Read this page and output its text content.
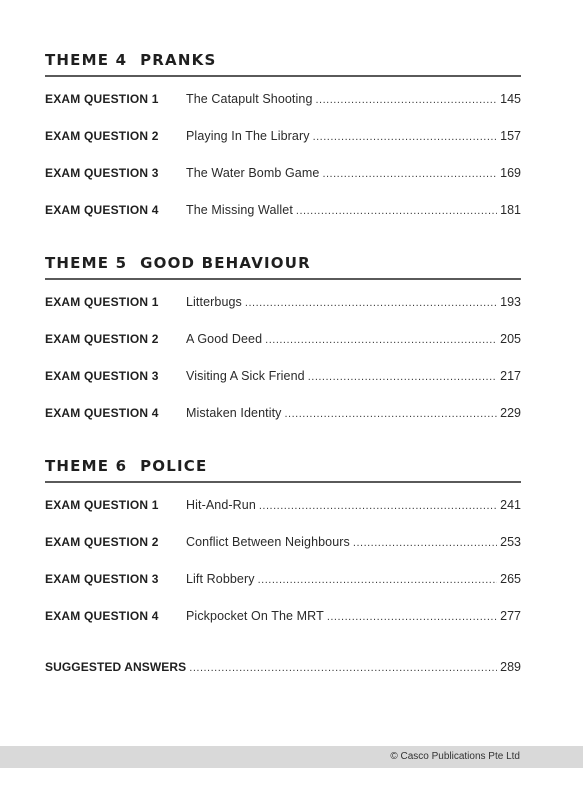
THEME 4  PRANKS
EXAM QUESTION 1	The Catapult Shooting .....	145
EXAM QUESTION 2	Playing In The Library .....	157
EXAM QUESTION 3	The Water Bomb Game .....	169
EXAM QUESTION 4	The Missing Wallet .....	181
THEME 5  GOOD BEHAVIOUR
EXAM QUESTION 1	Litterbugs .....	193
EXAM QUESTION 2	A Good Deed .....	205
EXAM QUESTION 3	Visiting A Sick Friend .....	217
EXAM QUESTION 4	Mistaken Identity .....	229
THEME 6  POLICE
EXAM QUESTION 1	Hit-And-Run .....	241
EXAM QUESTION 2	Conflict Between Neighbours .....	253
EXAM QUESTION 3	Lift Robbery .....	265
EXAM QUESTION 4	Pickpocket On The MRT .....	277
SUGGESTED ANSWERS .....	289
© Casco Publications Pte Ltd
